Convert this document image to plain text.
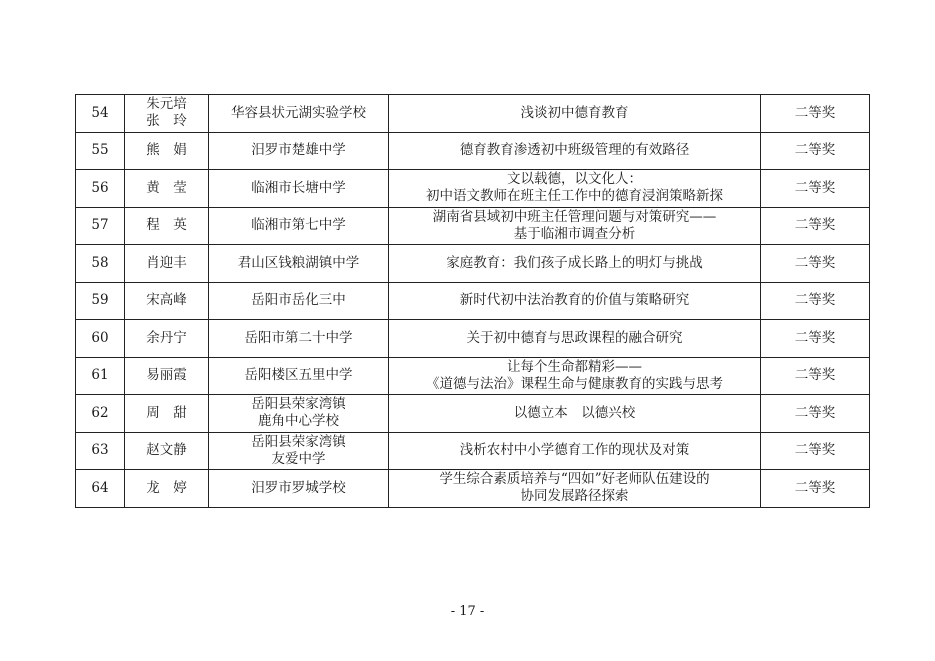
54	朱元培
张　玲	华容县状元湖实验学校	浅谈初中德育教育	二等奖
55	熊　娟	汨罗市楚雄中学	德育教育渗透初中班级管理的有效路径	二等奖
56	黄　莹	临湘市长塘中学	文以载德，以文化人：
初中语文教师在班主任工作中的德育浸润策略新探	二等奖
57	程　英	临湘市第七中学	湖南省县域初中班主任管理问题与对策研究——
基于临湘市调查分析	二等奖
58	肖迎丰	君山区钱粮湖镇中学	家庭教育：我们孩子成长路上的明灯与挑战	二等奖
59	宋高峰	岳阳市岳化三中	新时代初中法治教育的价值与策略研究	二等奖
60	余丹宁	岳阳市第二十中学	关于初中德育与思政课程的融合研究	二等奖
61	易丽霞	岳阳楼区五里中学	让每个生命都精彩——
《道德与法治》课程生命与健康教育的实践与思考	二等奖
62	周　甜	岳阳县荣家湾镇
鹿角中心学校	以德立本　以德兴校	二等奖
63	赵文静	岳阳县荣家湾镇
友爱中学	浅析农村中小学德育工作的现状及对策	二等奖
64	龙　婷	汨罗市罗城学校	学生综合素质培养与“四如”好老师队伍建设的
协同发展路径探索	二等奖
- 17 -
